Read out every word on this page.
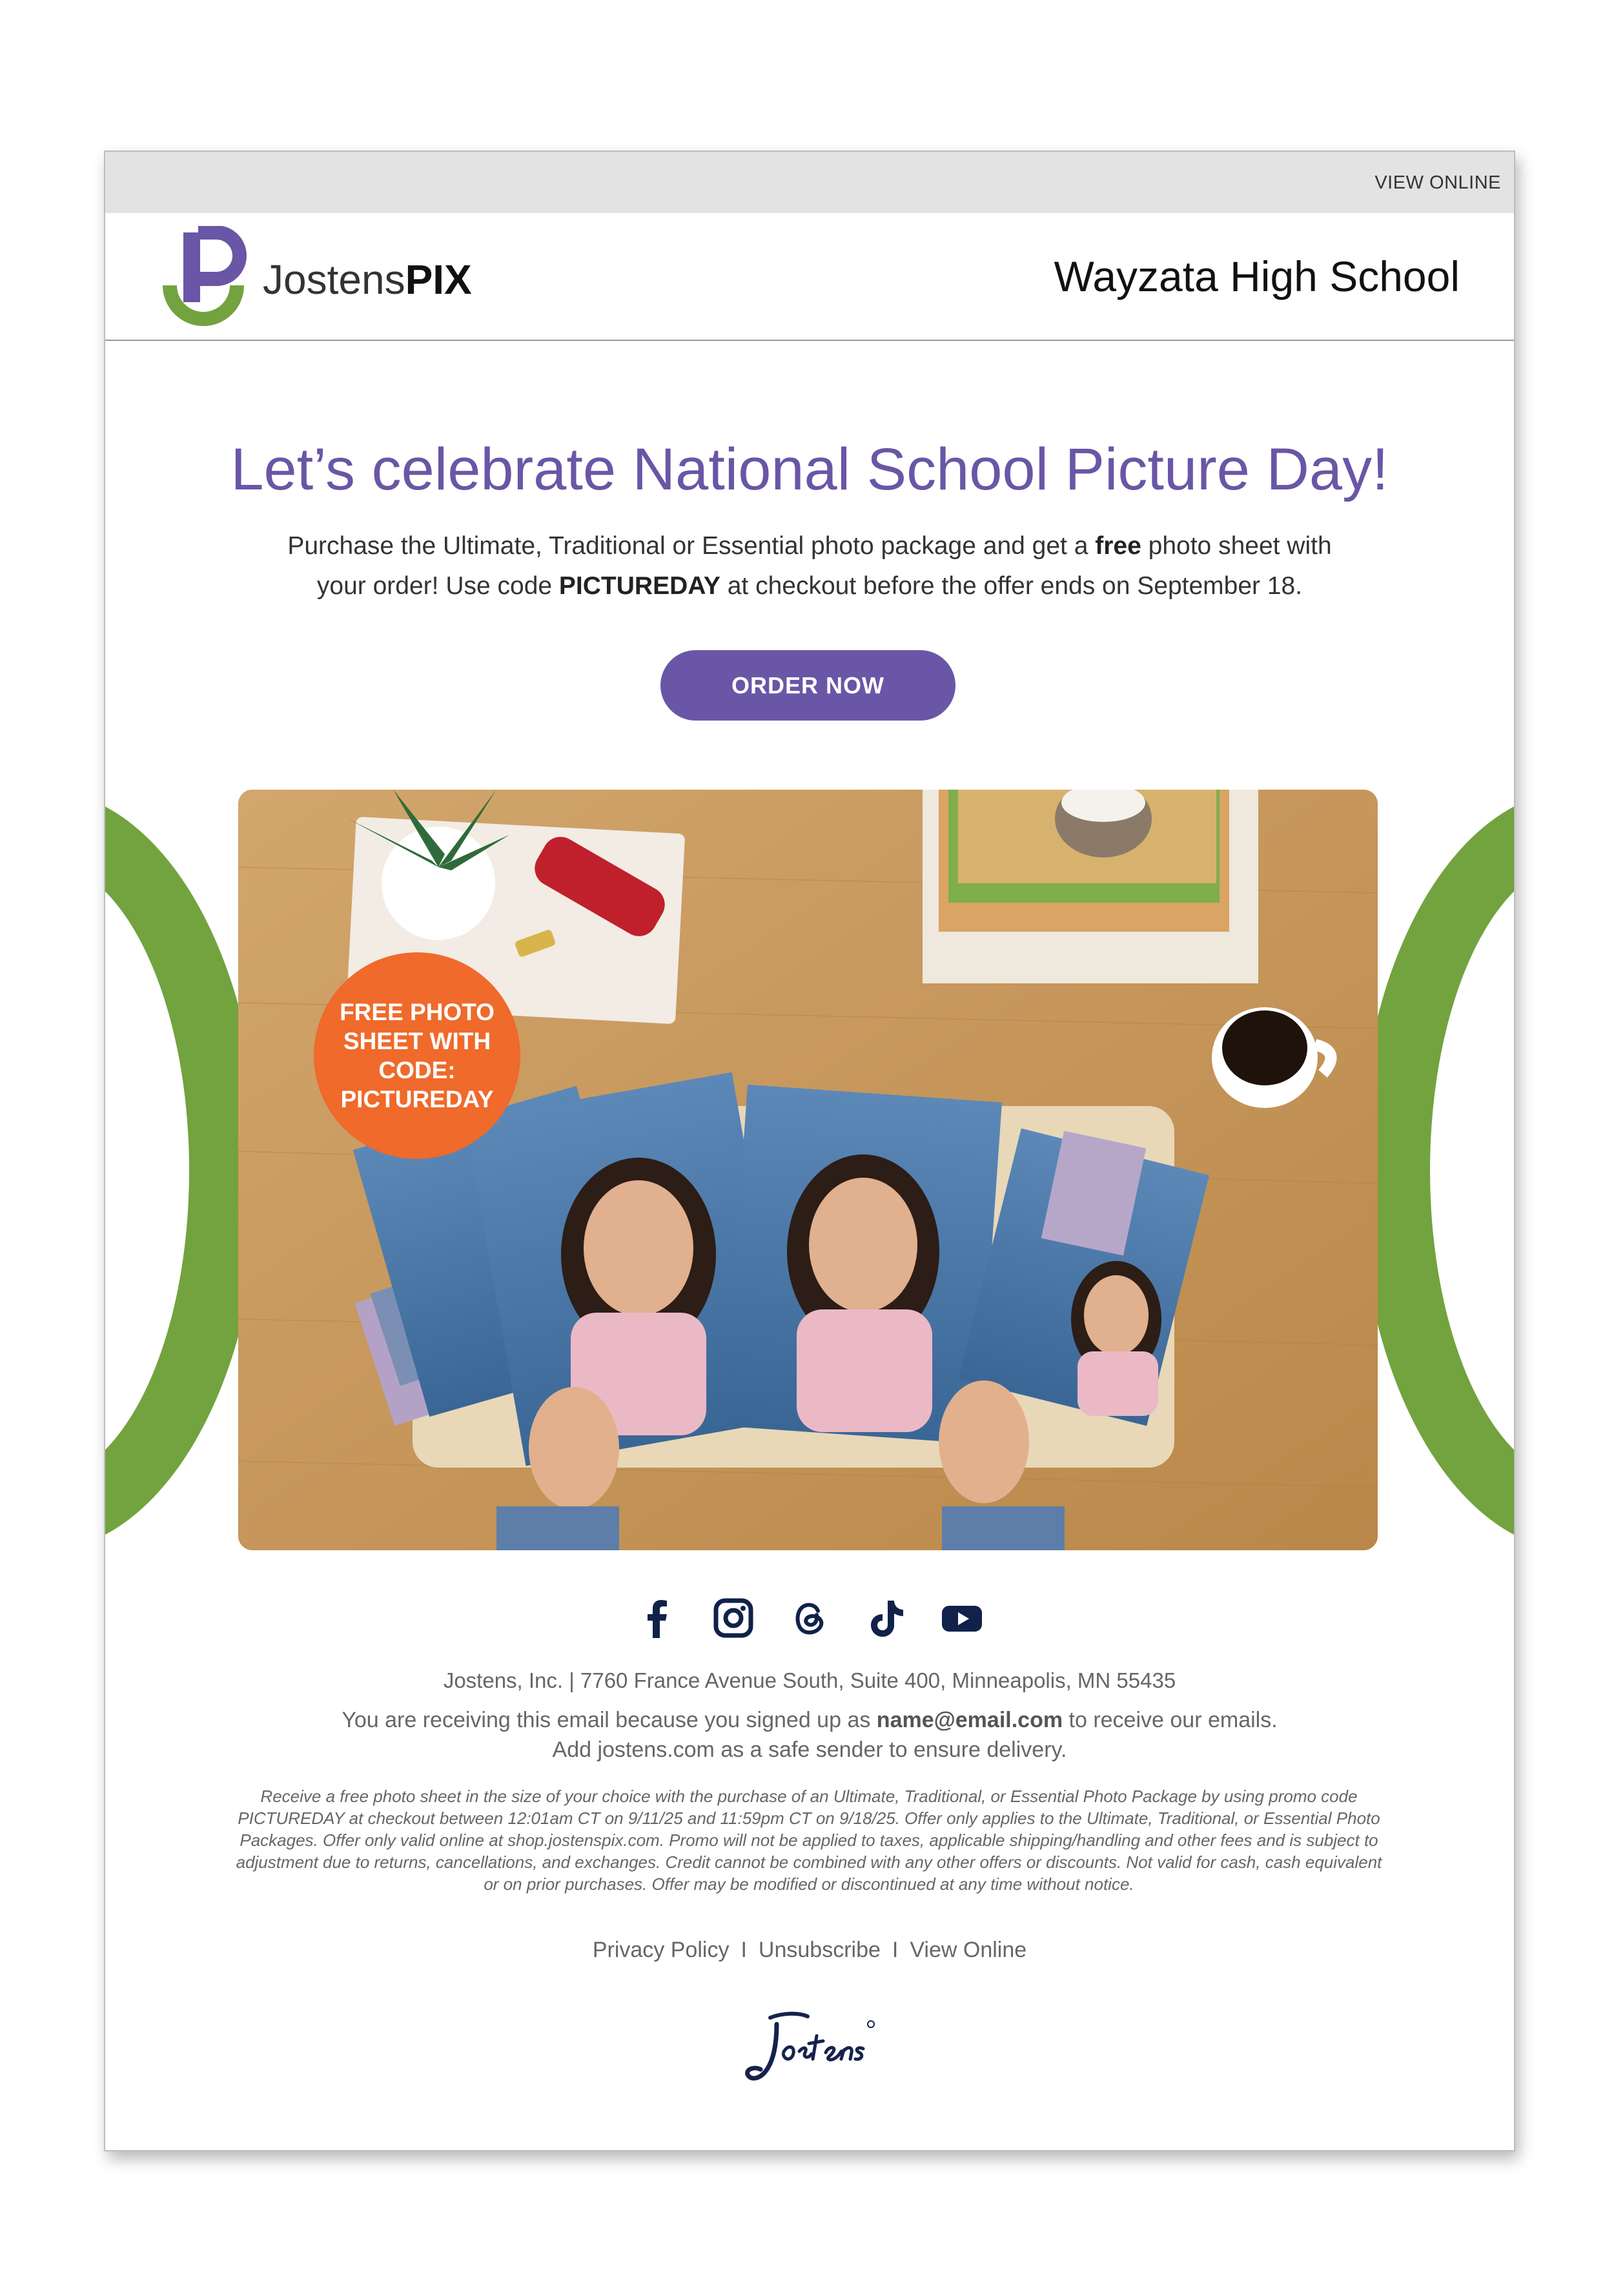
VIEW ONLINE
JostensPIX	Wayzata High School
Let’s celebrate National School Picture Day!
Purchase the Ultimate, Traditional or Essential photo package and get a free photo sheet with your order! Use code PICTUREDAY at checkout before the offer ends on September 18.
ORDER NOW
FREE PHOTO SHEET WITH CODE: PICTUREDAY
Jostens, Inc. | 7760 France Avenue South, Suite 400, Minneapolis, MN 55435
You are receiving this email because you signed up as name@email.com to receive our emails.
Add jostens.com as a safe sender to ensure delivery.
Receive a free photo sheet in the size of your choice with the purchase of an Ultimate, Traditional, or Essential Photo Package by using promo code PICTUREDAY at checkout between 12:01am CT on 9/11/25 and 11:59pm CT on 9/18/25. Offer only applies to the Ultimate, Traditional, or Essential Photo Packages. Offer only valid online at shop.jostenspix.com. Promo will not be applied to taxes, applicable shipping/handling and other fees and is subject to adjustment due to returns, cancellations, and exchanges. Credit cannot be combined with any other offers or discounts. Not valid for cash, cash equivalent or on prior purchases. Offer may be modified or discontinued at any time without notice.
Privacy Policy I Unsubscribe I View Online
